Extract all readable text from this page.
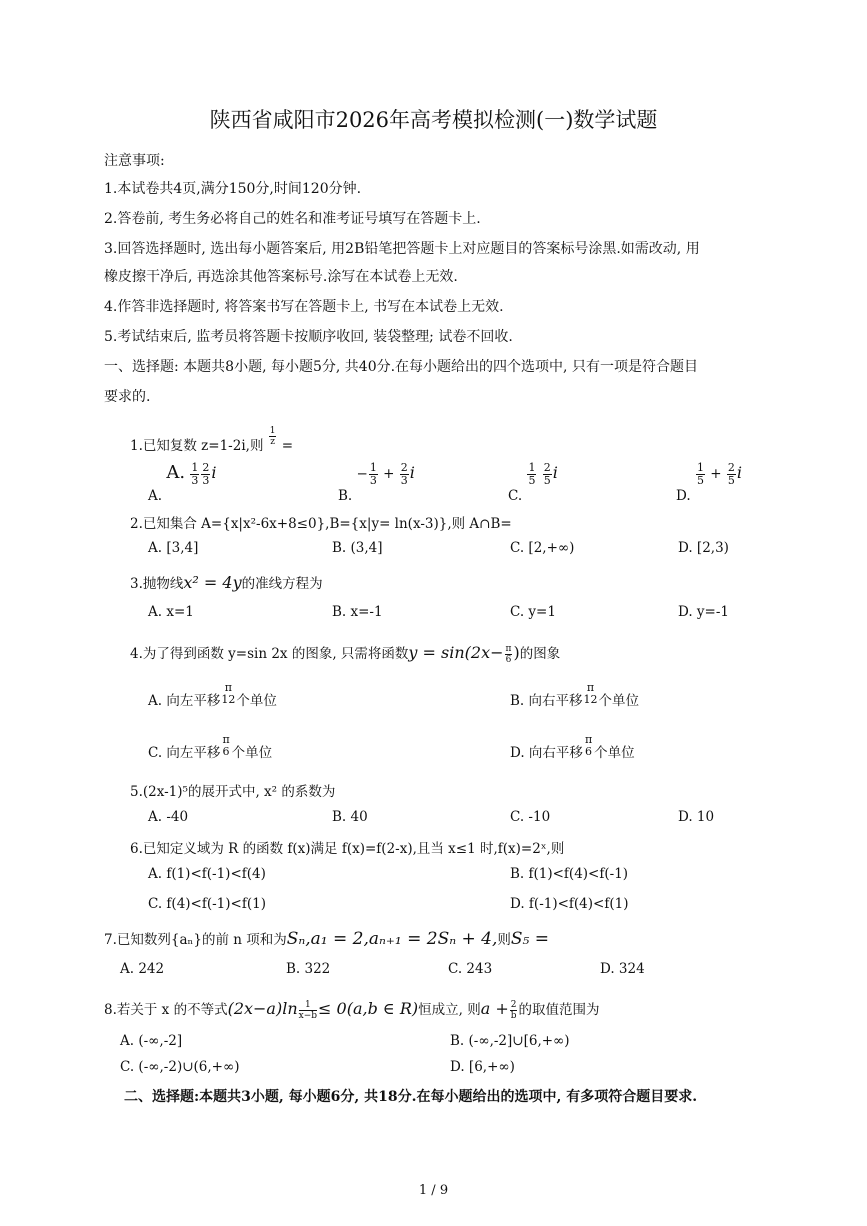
陕西省咸阳市2026年高考模拟检测(一)数学试题
注意事项:
1.本试卷共4页,满分150分,时间120分钟.
2.答卷前, 考生务必将自己的姓名和准考证号填写在答题卡上.
3.回答选择题时, 选出每小题答案后, 用2B铅笔把答题卡上对应题目的答案标号涂黑.如需改动, 用
橡皮擦干净后, 再选涂其他答案标号.涂写在本试卷上无效.
4.作答非选择题时, 将答案书写在答题卡上, 书写在本试卷上无效.
5.考试结束后, 监考员将答题卡按顺序收回, 装袋整理; 试卷不回收.
一、选择题: 本题共8小题, 每小题5分, 共40分.在每小题给出的四个选项中, 只有一项是符合题目
要求的.
1.已知复数 z=1-2i,则 $\frac{1}{z}$ =
A. A. $\frac{1}{3} \frac{2}{3}$ i
B. − $\frac{1}{3} + \frac{2}{3}$ i
C.
$\frac{1}{5}$
$\frac{2}{5}$ i
D.
$\frac{1}{5} + \frac{2}{5}$ i
2.已知集合 A={x|x²-6x+8≤0},B={x|y= ln(x-3)},则 A∩B=
A. [3,4]	B. (3,4]	C. [2,+∞)	D. [2,3)
3.抛物线x² = 4y的准线方程为
A. x=1	B. x=-1	C. y=1	D. y=-1
4.为了得到函数 y=sin 2x 的图象, 只需将函数$y = \sin(2x- \frac{\pi}{6}$ )的图象
A. 向左平移
π
12 个单位	B. 向右平移
π
12 个单位
C. 向左平移
π
6 个单位	D. 向右平移
π
6 个单位
5.(2x-1)⁵的展开式中, x² 的系数为
A. -40	B. 40	C. -10	D. 10
6.已知定义域为 R 的函数 f(x)满足 f(x)=f(2-x),且当 x≤1 时,f(x)=2ˣ,则
A. f(1)<f(-1)<f(4)	B. f(1)<f(4)<f(-1)
C. f(4)<f(-1)<f(1)	D. f(-1)<f(4)<f(1)
7.已知数列{aₙ}的前 n 项和为Sₙ,a₁ = 2,aₙ₊₁ = 2Sₙ + 4,则S₅ =
A. 242	B. 322	C. 243	D. 324
8.若关于 x 的不等式$(2x-a)\ln \frac{1}{x-b} \le 0(a,b$ ∈ R)恒成立, 则$a + \frac{2}{b}$ 的取值范围为
A. (-∞,-2]	B. (-∞,-2]∪[6,+∞)
C. (-∞,-2)∪(6,+∞)	D. [6,+∞)
二、选择题:本题共3小题, 每小题6分, 共18分.在每小题给出的选项中, 有多项符合题目要求.
1 / 9
